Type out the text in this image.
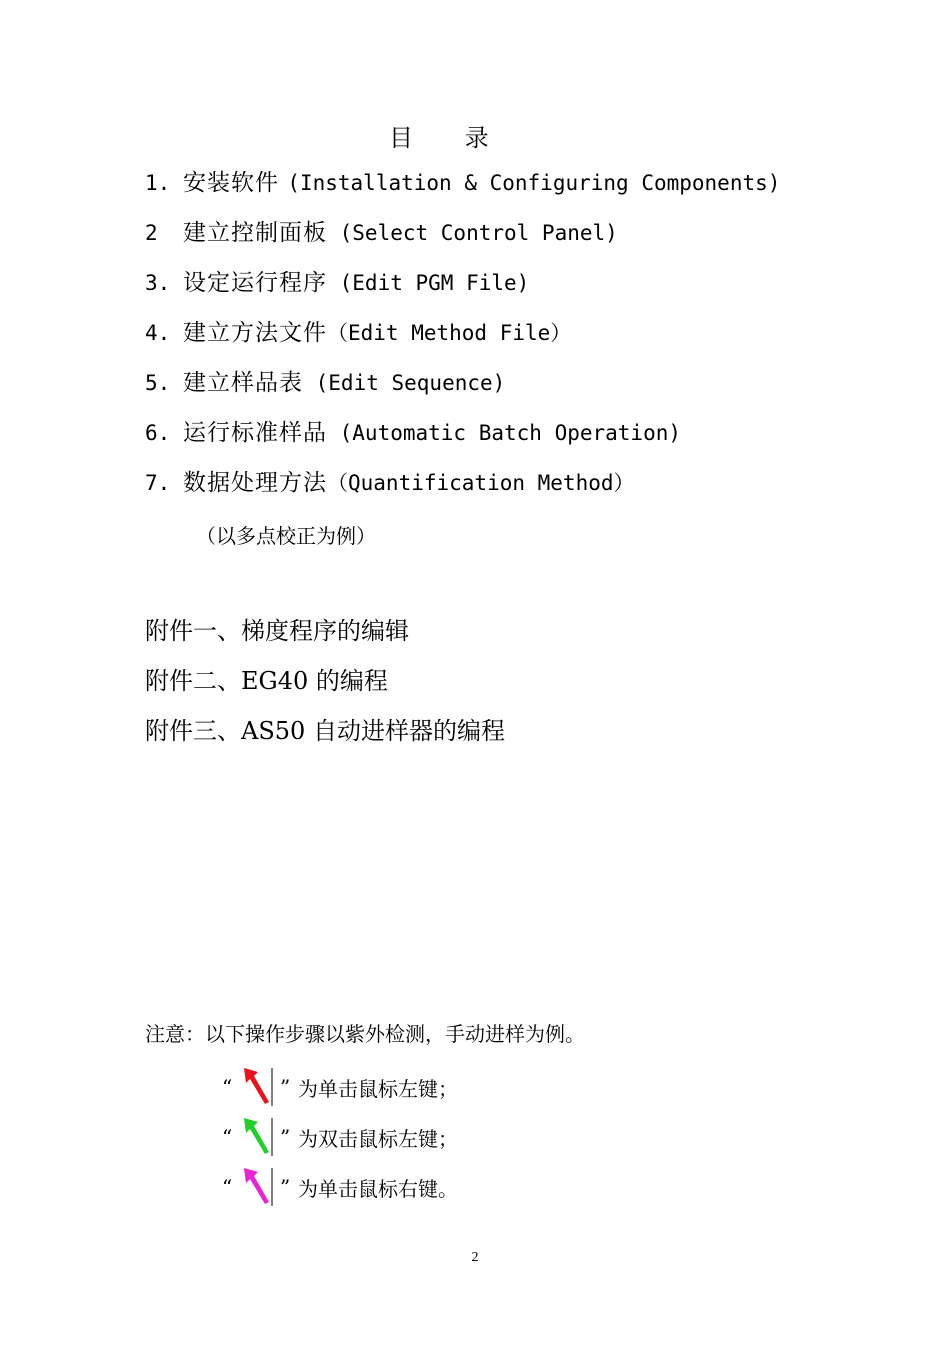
目 录
1. 安装软件 (Installation & Configuring Components)
2 建立控制面板 (Select Control Panel)
3. 设定运行程序 (Edit PGM File)
4. 建立方法文件（Edit Method File）
5. 建立样品表 (Edit Sequence)
6. 运行标准样品 (Automatic Batch Operation)
7. 数据处理方法（Quantification Method）
（以多点校正为例）
附件一、梯度程序的编辑
附件二、EG40 的编程
附件三、AS50 自动进样器的编程
注意：以下操作步骤以紫外检测，手动进样为例。
“	” 为单击鼠标左键；
“	” 为双击鼠标左键；
“	” 为单击鼠标右键。
2
